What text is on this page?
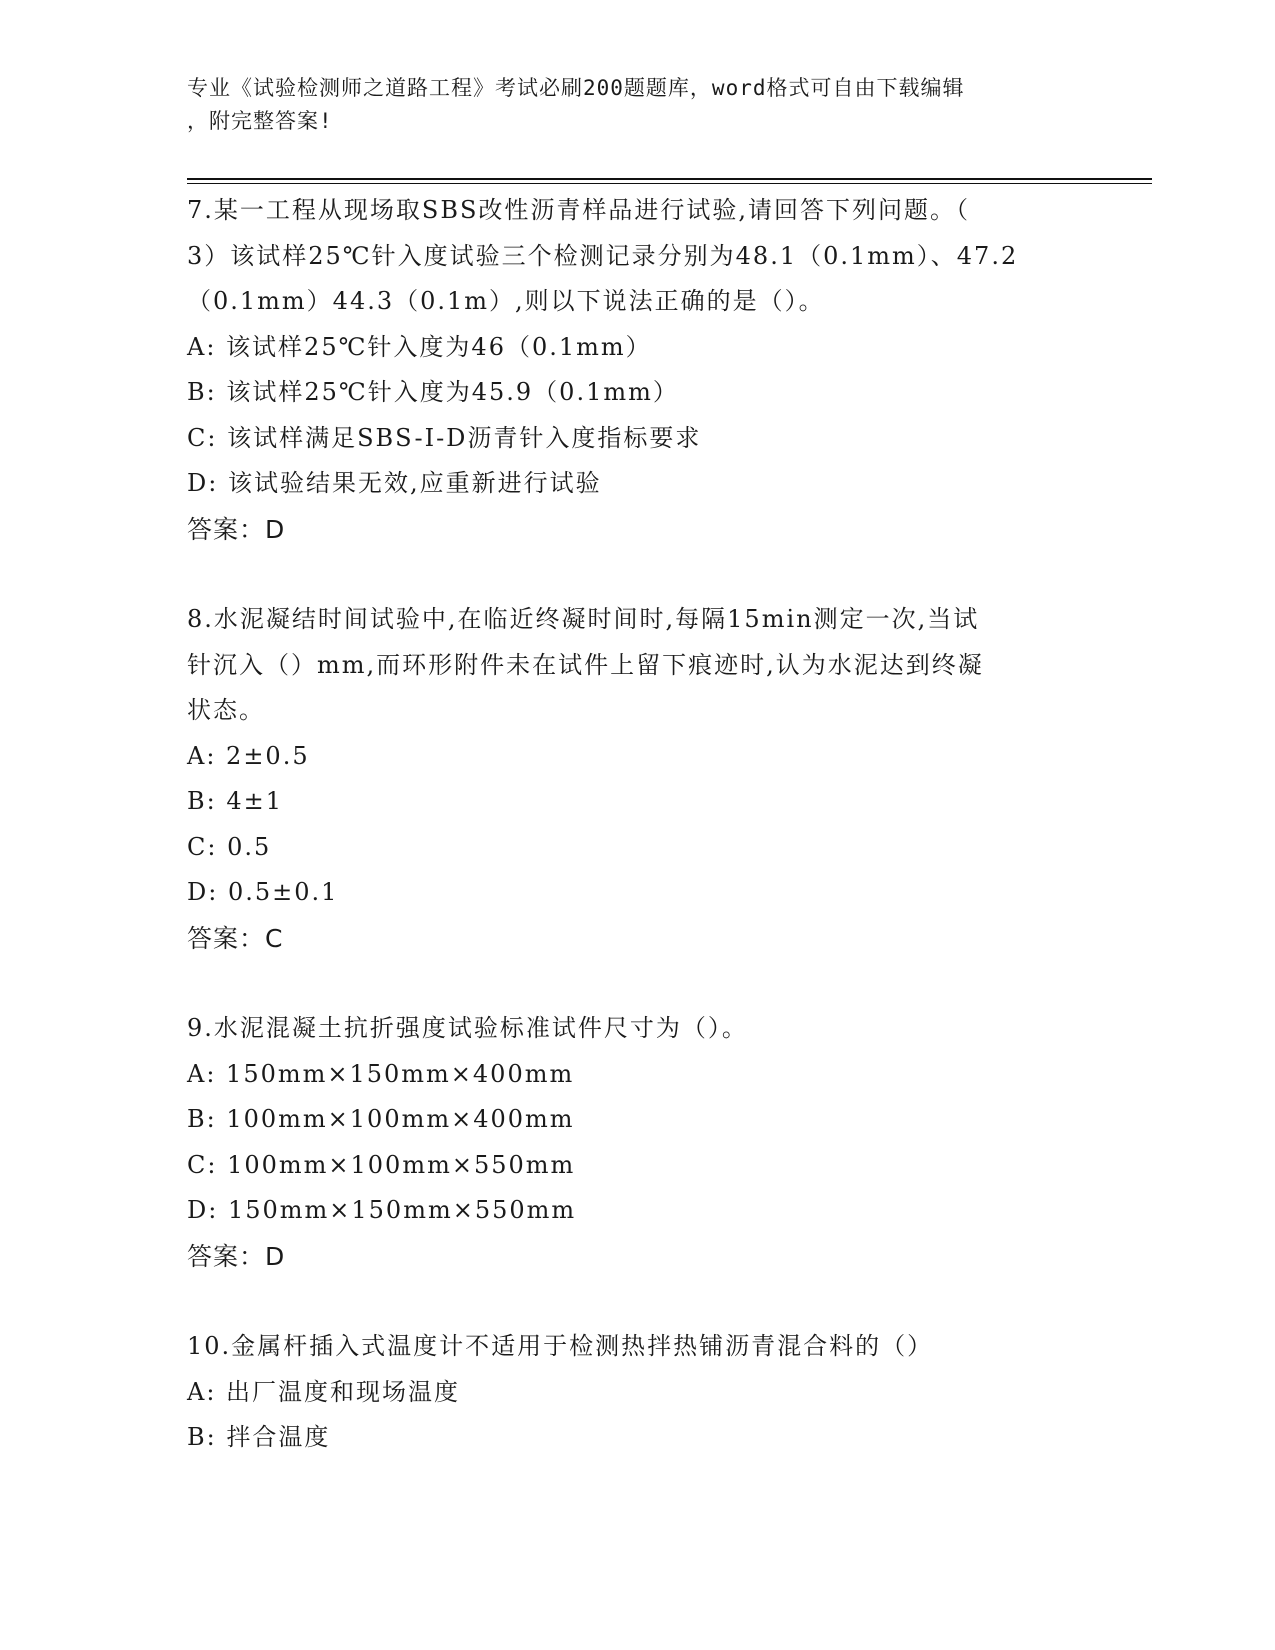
专业《试验检测师之道路工程》考试必刷200题题库，word格式可自由下载编辑
，附完整答案!
7.某一工程从现场取SBS改性沥青样品进行试验,请回答下列问题。（
3）该试样25℃针入度试验三个检测记录分别为48.1（0.1mm）、47.2
（0.1mm）44.3（0.1m）,则以下说法正确的是（）。
A: 该试样25℃针入度为46（0.1mm）
B: 该试样25℃针入度为45.9（0.1mm）
C: 该试样满足SBS-Ⅰ-D沥青针入度指标要求
D: 该试验结果无效,应重新进行试验
答案：D
8.水泥凝结时间试验中,在临近终凝时间时,每隔15min测定一次,当试
针沉入（）mm,而环形附件未在试件上留下痕迹时,认为水泥达到终凝
状态。
A: 2±0.5
B: 4±1
C: 0.5
D: 0.5±0.1
答案：C
9.水泥混凝土抗折强度试验标准试件尺寸为（）。
A: 150mm×150mm×400mm
B: 100mm×100mm×400mm
C: 100mm×100mm×550mm
D: 150mm×150mm×550mm
答案：D
10.金属杆插入式温度计不适用于检测热拌热铺沥青混合料的（）
A: 出厂温度和现场温度
B: 拌合温度
